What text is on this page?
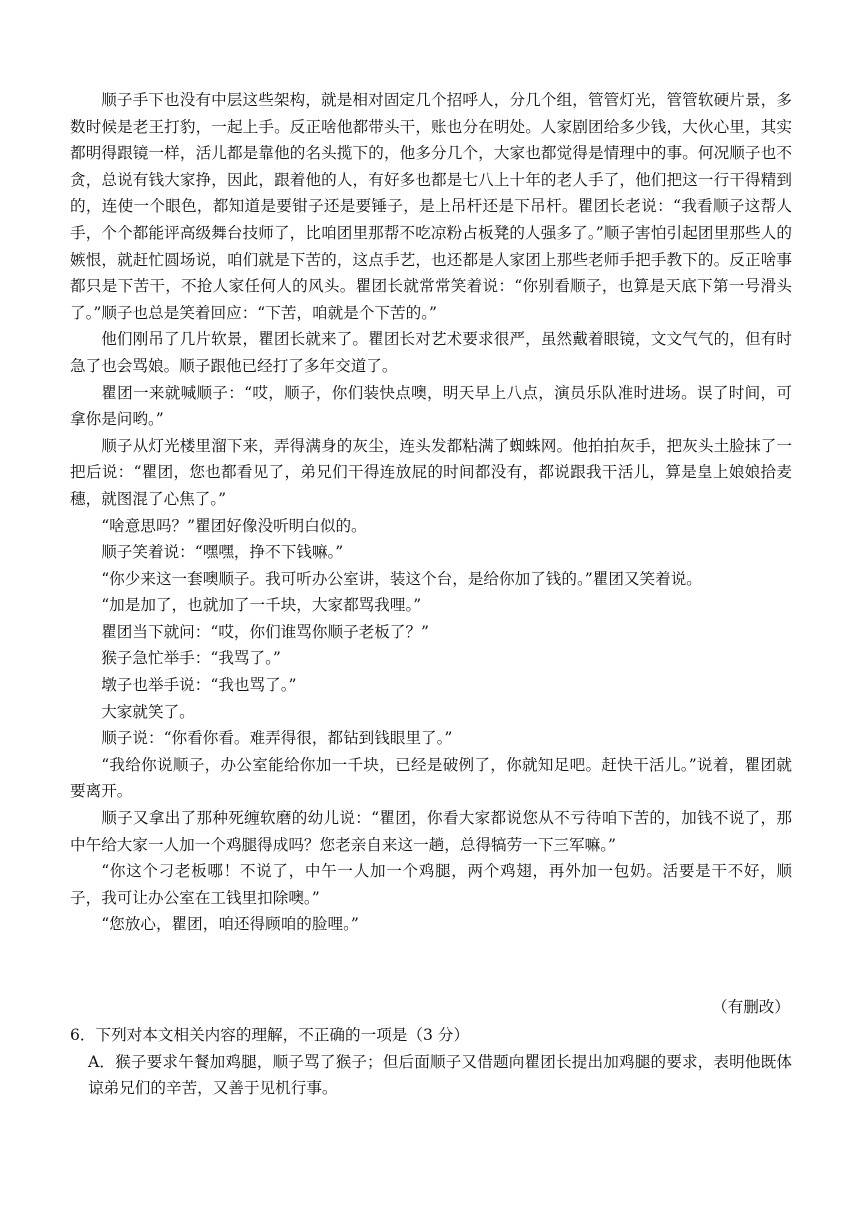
顺子手下也没有中层这些架构，就是相对固定几个招呼人，分几个组，管管灯光，管管软硬片景，多数时候是老王打豹，一起上手。反正啥他都带头干，账也分在明处。人家剧团给多少钱，大伙心里，其实都明得跟镜一样，活儿都是靠他的名头揽下的，他多分几个，大家也都觉得是情理中的事。何况顺子也不贪，总说有钱大家挣，因此，跟着他的人，有好多也都是七八上十年的老人手了，他们把这一行干得精到的，连使一个眼色，都知道是要钳子还是要锤子，是上吊杆还是下吊杆。瞿团长老说：“我看顺子这帮人手，个个都能评高级舞台技师了，比咱团里那帮不吃凉粉占板凳的人强多了。”顺子害怕引起团里那些人的嫉恨，就赶忙圆场说，咱们就是下苦的，这点手艺，也还都是人家团上那些老师手把手教下的。反正啥事都只是下苦干，不抢人家任何人的风头。瞿团长就常常笑着说：“你别看顺子，也算是天底下第一号滑头了。”顺子也总是笑着回应：“下苦，咱就是个下苦的。”

他们刚吊了几片软景，瞿团长就来了。瞿团长对艺术要求很严，虽然戴着眼镜，文文气气的，但有时急了也会骂娘。顺子跟他已经打了多年交道了。

瞿团一来就喊顺子：“哎，顺子，你们装快点噢，明天早上八点，演员乐队准时进场。误了时间，可拿你是问哟。”

顺子从灯光楼里溜下来，弄得满身的灰尘，连头发都粘满了蜘蛛网。他拍拍灰手，把灰头土脸抹了一把后说：“瞿团，您也都看见了，弟兄们干得连放屁的时间都没有，都说跟我干活儿，算是皇上娘娘拾麦穗，就图混了心焦了。”

“啥意思吗？”瞿团好像没听明白似的。

顺子笑着说：“嘿嘿，挣不下钱嘛。”

“你少来这一套噢顺子。我可听办公室讲，装这个台，是给你加了钱的。”瞿团又笑着说。

“加是加了，也就加了一千块，大家都骂我哩。”

瞿团当下就问：“哎，你们谁骂你顺子老板了？”

猴子急忙举手：“我骂了。”

墩子也举手说：“我也骂了。”

大家就笑了。

顺子说：“你看你看。难弄得很，都钻到钱眼里了。”

“我给你说顺子，办公室能给你加一千块，已经是破例了，你就知足吧。赶快干活儿。”说着，瞿团就要离开。

顺子又拿出了那种死缠软磨的幼儿说：“瞿团，你看大家都说您从不亏待咱下苦的，加钱不说了，那中午给大家一人加一个鸡腿得成吗？您老亲自来这一趟，总得犒劳一下三军嘛。”

“你这个刁老板哪！不说了，中午一人加一个鸡腿，两个鸡翅，再外加一包奶。活要是干不好，顺子，我可让办公室在工钱里扣除噢。”

“您放心，瞿团，咱还得顾咱的脸哩。”

（有删改）

6．下列对本文相关内容的理解，不正确的一项是（3 分）

A．猴子要求午餐加鸡腿，顺子骂了猴子；但后面顺子又借题向瞿团长提出加鸡腿的要求，表明他既体谅弟兄们的辛苦，又善于见机行事。
